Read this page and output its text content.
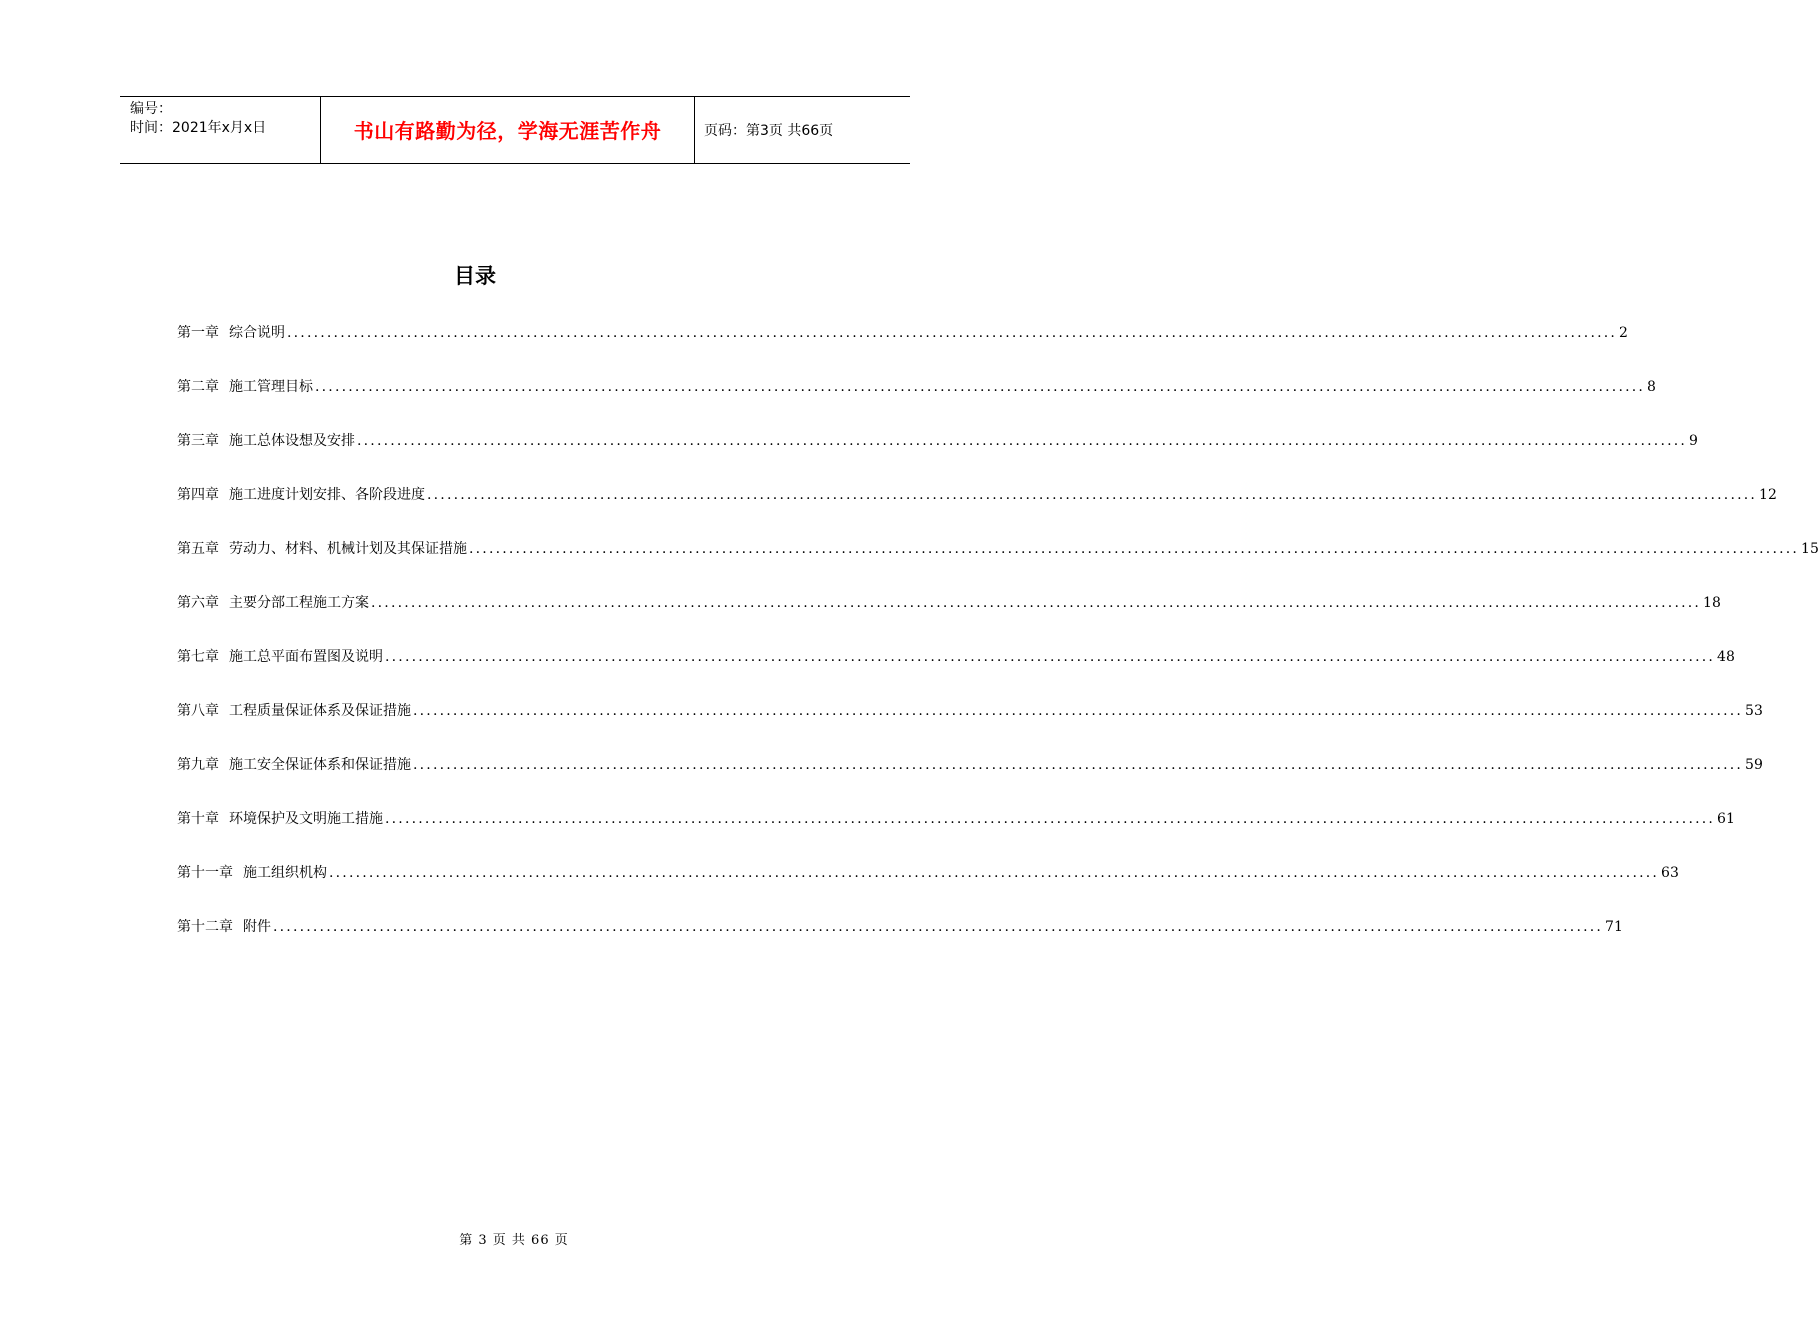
编号：
时间：2021年x月x日	书山有路勤为径，学海无涯苦作舟	页码：第3页 共66页
目录
第一章 综合说明 ........................................................................................................................................................................................................ 2
第二章 施工管理目标 ........................................................................................................................................................................................................ 8
第三章 施工总体设想及安排 ........................................................................................................................................................................................................ 9
第四章 施工进度计划安排、各阶段进度 ........................................................................................................................................................................................................ 12
第五章 劳动力、材料、机械计划及其保证措施 ........................................................................................................................................................................................................ 15
第六章 主要分部工程施工方案 ........................................................................................................................................................................................................ 18
第七章 施工总平面布置图及说明 ........................................................................................................................................................................................................ 48
第八章 工程质量保证体系及保证措施 ........................................................................................................................................................................................................ 53
第九章 施工安全保证体系和保证措施 ........................................................................................................................................................................................................ 59
第十章 环境保护及文明施工措施 ........................................................................................................................................................................................................ 61
第十一章 施工组织机构 ........................................................................................................................................................................................................ 63
第十二章 附件 ........................................................................................................................................................................................................ 71
第 3 页 共 66 页
